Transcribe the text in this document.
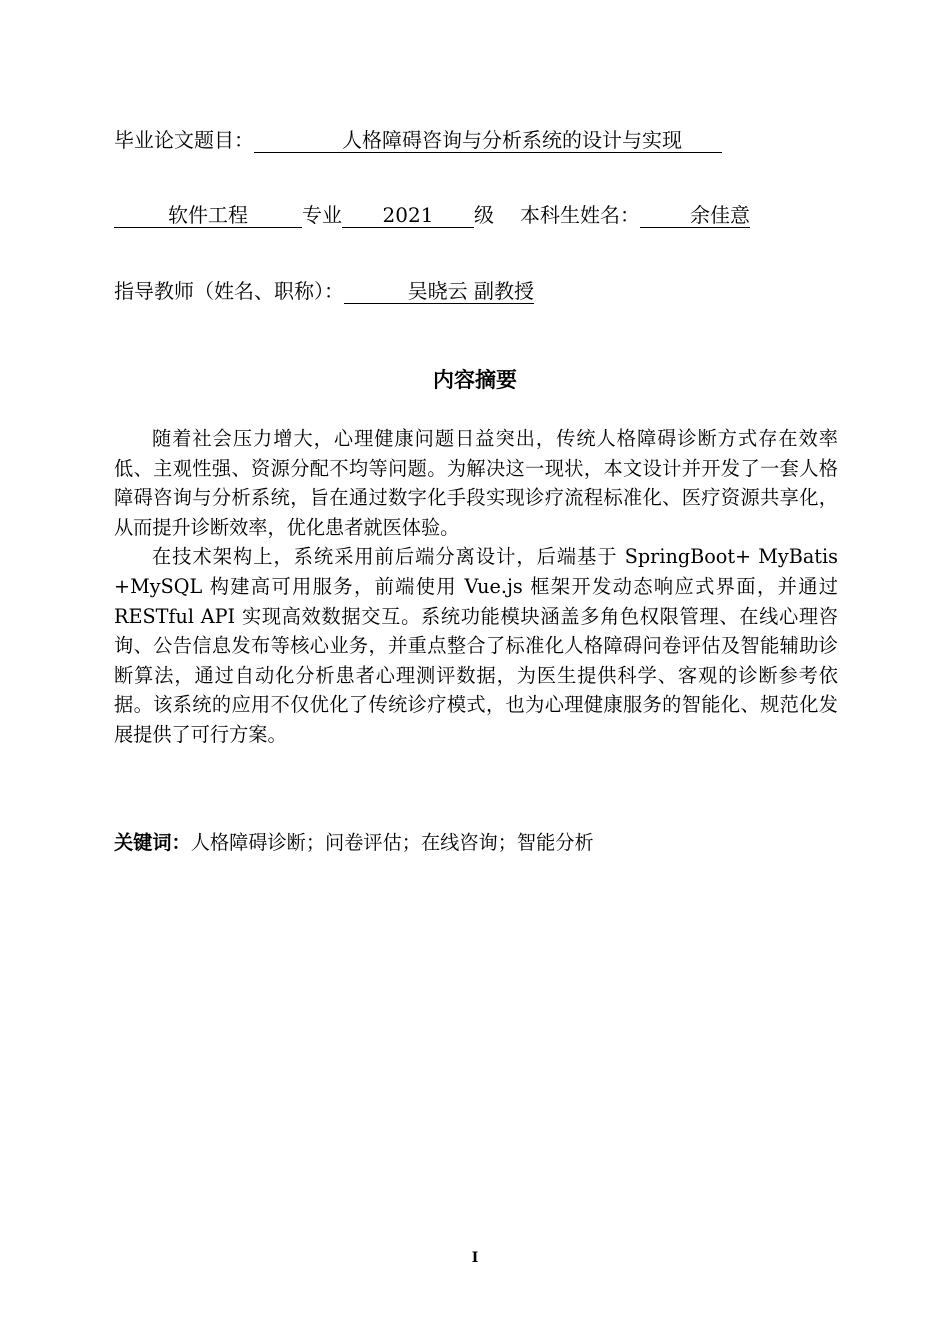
毕业论文题目：	人格障碍咨询与分析系统的设计与实现
软件工程	专业 2021 级 本科生姓名：	余佳意
指导教师（姓名、职称）：	吴晓云 副教授
内容摘要

随着社会压力增大，心理健康问题日益突出，传统人格障碍诊断方式存在效率低、主观性强、资源分配不均等问题。为解决这一现状，本文设计并开发了一套人格障碍咨询与分析系统，旨在通过数字化手段实现诊疗流程标准化、医疗资源共享化，从而提升诊断效率，优化患者就医体验。

在技术架构上，系统采用前后端分离设计，后端基于 SpringBoot+ MyBatis +MySQL 构建高可用服务，前端使用 Vue.js 框架开发动态响应式界面，并通过 RESTful API 实现高效数据交互。系统功能模块涵盖多角色权限管理、在线心理咨询、公告信息发布等核心业务，并重点整合了标准化人格障碍问卷评估及智能辅助诊断算法，通过自动化分析患者心理测评数据，为医生提供科学、客观的诊断参考依据。该系统的应用不仅优化了传统诊疗模式，也为心理健康服务的智能化、规范化发展提供了可行方案。

关键词：人格障碍诊断；问卷评估；在线咨询；智能分析
I
